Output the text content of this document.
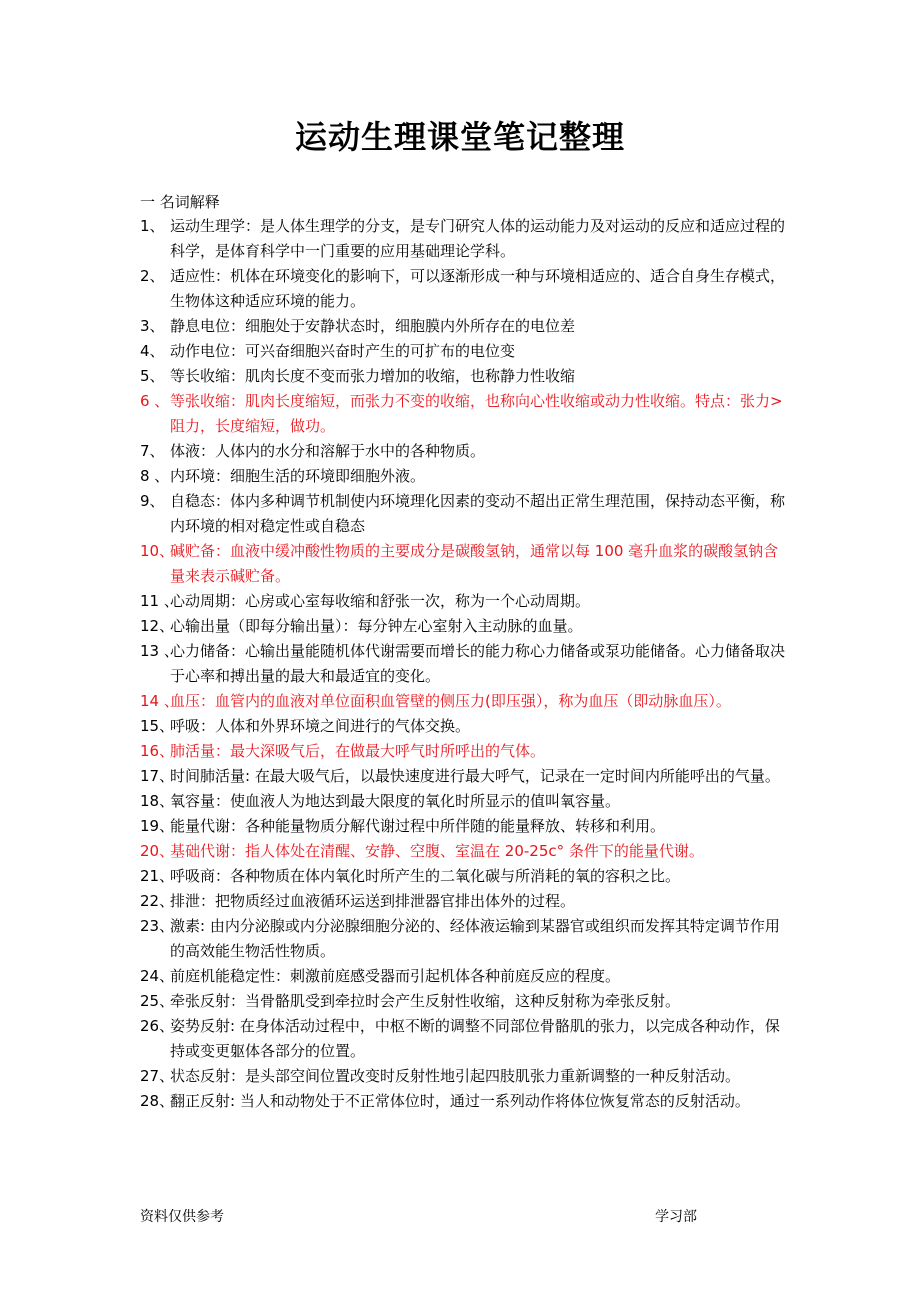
运动生理课堂笔记整理
一 名词解释
1、 运动生理学：是人体生理学的分支，是专门研究人体的运动能力及对运动的反应和适应过程的科学，是体育科学中一门重要的应用基础理论学科。
2、 适应性：机体在环境变化的影响下，可以逐渐形成一种与环境相适应的、适合自身生存模式，生物体这种适应环境的能力。
3、 静息电位：细胞处于安静状态时，细胞膜内外所存在的电位差
4、 动作电位：可兴奋细胞兴奋时产生的可扩布的电位变
5、 等长收缩：肌肉长度不变而张力增加的收缩，也称静力性收缩
6 、 等张收缩：肌肉长度缩短，而张力不变的收缩，也称向心性收缩或动力性收缩。特点：张力>阻力，长度缩短，做功。
7、 体液：人体内的水分和溶解于水中的各种物质。
8 、 内环境：细胞生活的环境即细胞外液。
9、 自稳态：体内多种调节机制使内环境理化因素的变动不超出正常生理范围，保持动态平衡，称内环境的相对稳定性或自稳态
10、
碱贮备：血液中缓冲酸性物质的主要成分是碳酸氢钠，通常以每 100 毫升血浆的碳酸氢钠含量来表示碱贮备。
11 、
心动周期：心房或心室每收缩和舒张一次，称为一个心动周期。
12、
心输出量（即每分输出量）：每分钟左心室射入主动脉的血量。
13 、
心力储备：心输出量能随机体代谢需要而增长的能力称心力储备或泵功能储备。心力储备取决于心率和搏出量的最大和最适宜的变化。
14 、
血压：血管内的血液对单位面积血管壁的侧压力(即压强），称为血压（即动脉血压）。
15、
呼吸：人体和外界环境之间进行的气体交换。
16、
肺活量：最大深吸气后，在做最大呼气时所呼出的气体。
17、
时间肺活量: 在最大吸气后，以最快速度进行最大呼气，记录在一定时间内所能呼出的气量。
18、
氧容量：使血液人为地达到最大限度的氧化时所显示的值叫氧容量。
19、
能量代谢：各种能量物质分解代谢过程中所伴随的能量释放、转移和利用。
20、
基础代谢：指人体处在清醒、安静、空腹、室温在 20-25c° 条件下的能量代谢。
21、
呼吸商：各种物质在体内氧化时所产生的二氧化碳与所消耗的氧的容积之比。
22、
排泄：把物质经过血液循环运送到排泄器官排出体外的过程。
23、
激素: 由内分泌腺或内分泌腺细胞分泌的、经体液运输到某器官或组织而发挥其特定调节作用的高效能生物活性物质。
24、
前庭机能稳定性：刺激前庭感受器而引起机体各种前庭反应的程度。
25、
牵张反射：当骨骼肌受到牵拉时会产生反射性收缩，这种反射称为牵张反射。
26、
姿势反射: 在身体活动过程中，中枢不断的调整不同部位骨骼肌的张力，以完成各种动作，保持或变更躯体各部分的位置。
27、
状态反射：是头部空间位置改变时反射性地引起四肢肌张力重新调整的一种反射活动。
28、
翻正反射: 当人和动物处于不正常体位时，通过一系列动作将体位恢复常态的反射活动。
资料仅供参考	学习部
